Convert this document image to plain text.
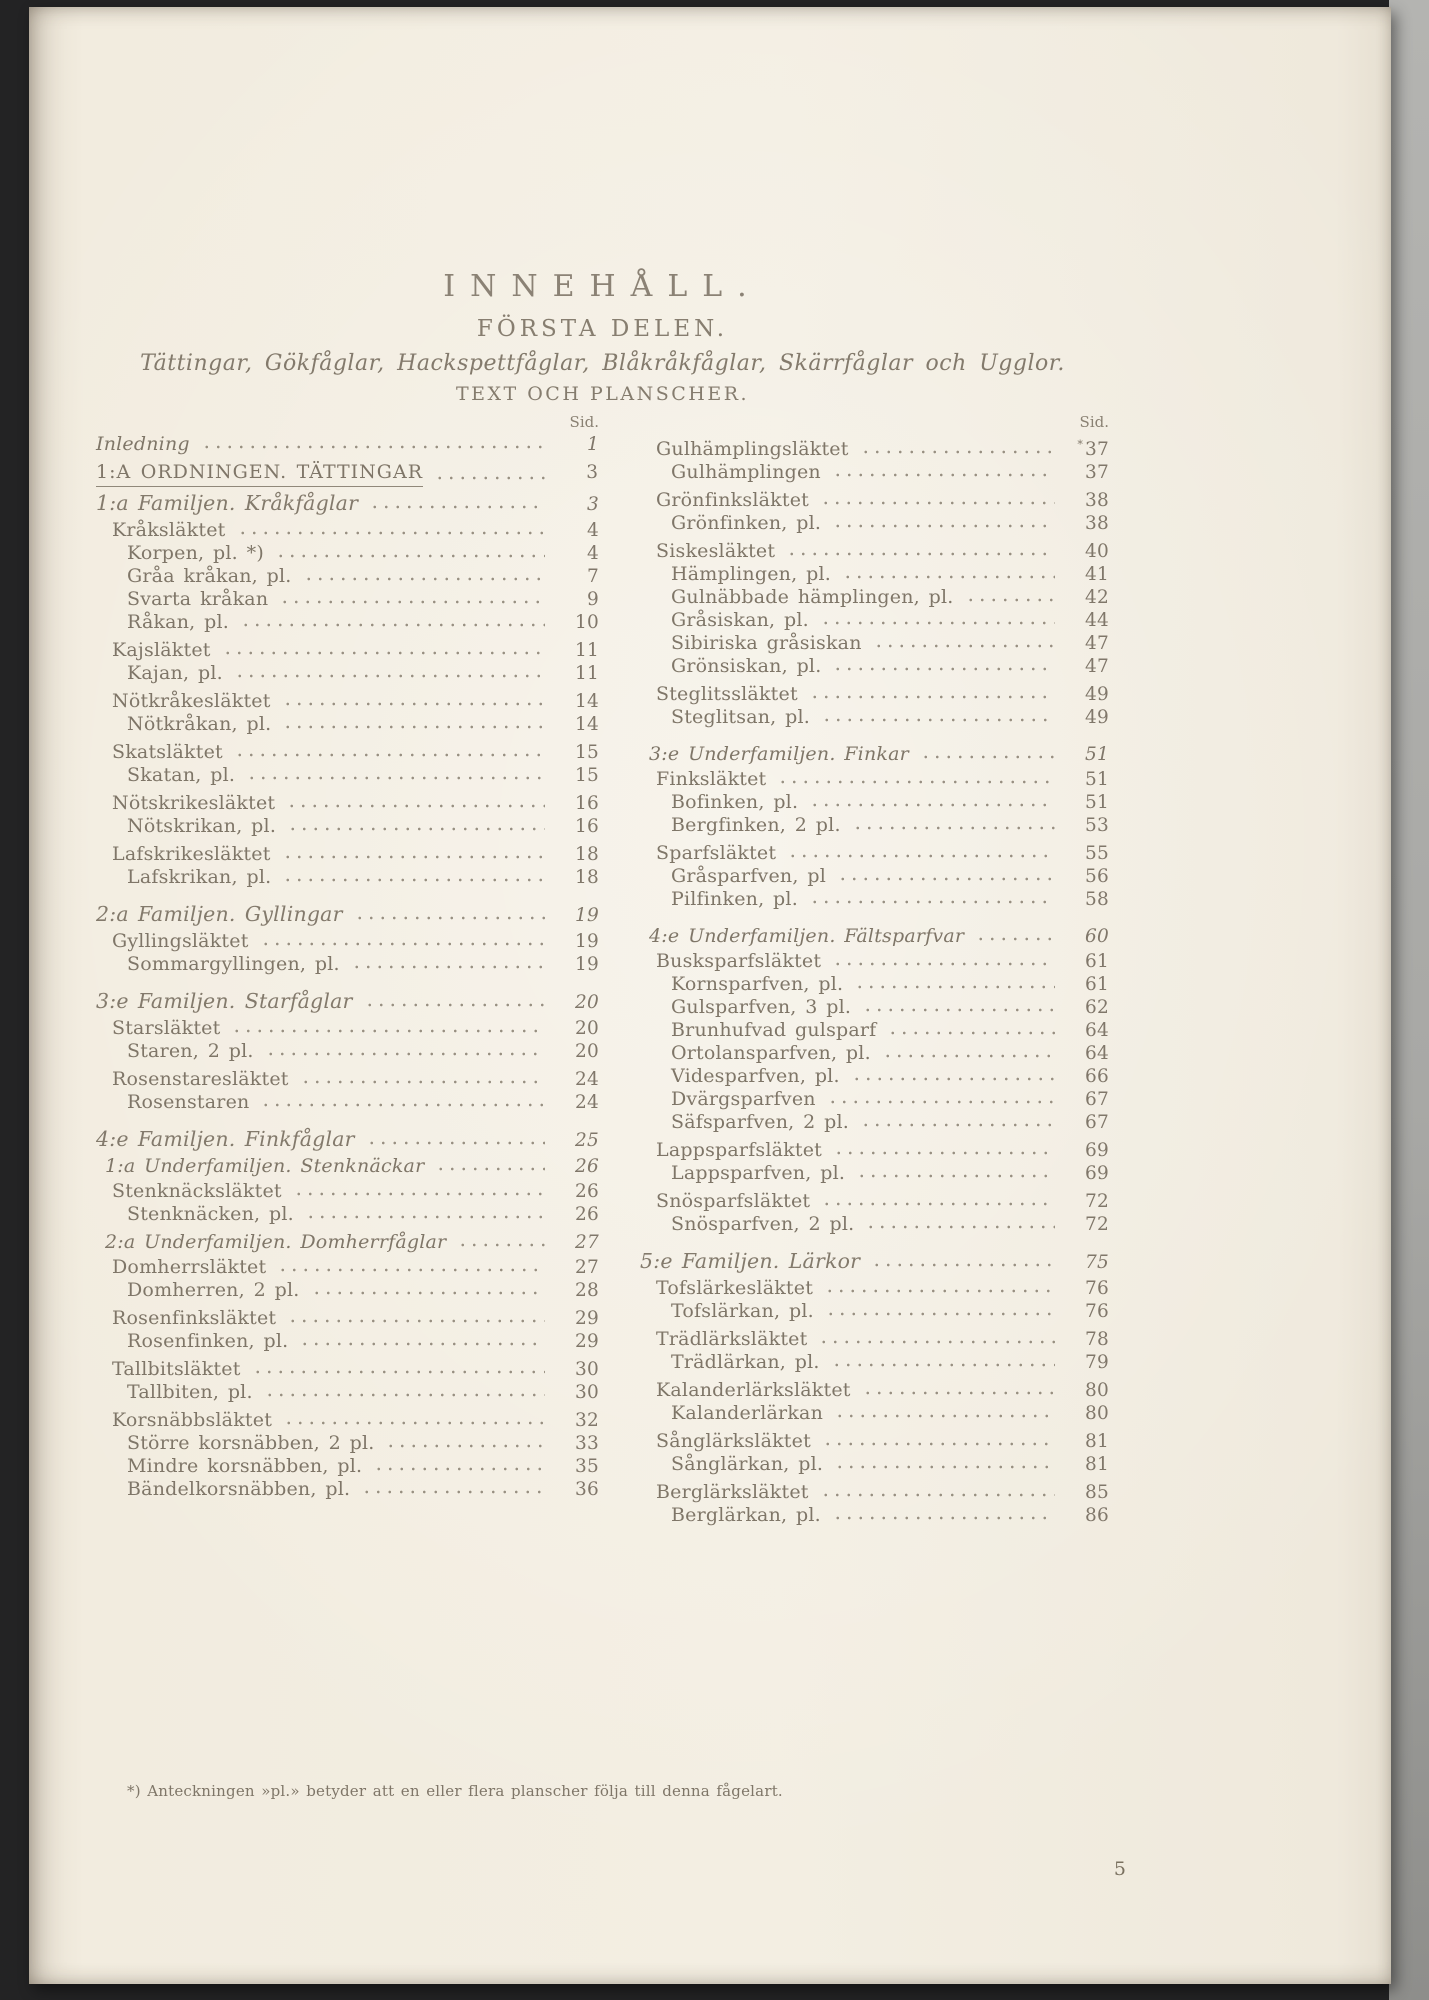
INNEHÅLL.
FÖRSTA DELEN.
Tättingar, Gökfåglar, Hackspettfåglar, Blåkråkfåglar, Skärrfåglar och Ugglor.
TEXT OCH PLANSCHER.
Sid.
Inledning	1
1:A ORDNINGEN. TÄTTINGAR	3
1:a Familjen. Kråkfåglar	3
Kråksläktet	4
Korpen, pl. *)	4
Gråa kråkan, pl.	7
Svarta kråkan	9
Råkan, pl.	10
Kajsläktet	11
Kajan, pl.	11
Nötkråkesläktet	14
Nötkråkan, pl.	14
Skatsläktet	15
Skatan, pl.	15
Nötskrikesläktet	16
Nötskrikan, pl.	16
Lafskrikesläktet	18
Lafskrikan, pl.	18
2:a Familjen. Gyllingar	19
Gyllingsläktet	19
Sommargyllingen, pl.	19
3:e Familjen. Starfåglar	20
Starsläktet	20
Staren, 2 pl.	20
Rosenstaresläktet	24
Rosenstaren	24
4:e Familjen. Finkfåglar	25
1:a Underfamiljen. Stenknäckar	26
Stenknäcksläktet	26
Stenknäcken, pl.	26
2:a Underfamiljen. Domherrfåglar	27
Domherrsläktet	27
Domherren, 2 pl.	28
Rosenfinksläktet	29
Rosenfinken, pl.	29
Tallbitsläktet	30
Tallbiten, pl.	30
Korsnäbbsläktet	32
Större korsnäbben, 2 pl.	33
Mindre korsnäbben, pl.	35
Bändelkorsnäbben, pl.	36
Sid.
Gulhämplingsläktet	* 37
Gulhämplingen	37
Grönfinksläktet	38
Grönfinken, pl.	38
Siskesläktet	40
Hämplingen, pl.	41
Gulnäbbade hämplingen, pl.	42
Gråsiskan, pl.	44
Sibiriska gråsiskan	47
Grönsiskan, pl.	47
Steglitssläktet	49
Steglitsan, pl.	49
3:e Underfamiljen. Finkar	51
Finksläktet	51
Bofinken, pl.	51
Bergfinken, 2 pl.	53
Sparfsläktet	55
Gråsparfven, pl	56
Pilfinken, pl.	58
4:e Underfamiljen. Fältsparfvar	60
Busksparfsläktet	61
Kornsparfven, pl.	61
Gulsparfven, 3 pl.	62
Brunhufvad gulsparf	64
Ortolansparfven, pl.	64
Videsparfven, pl.	66
Dvärgsparfven	67
Säfsparfven, 2 pl.	67
Lappsparfsläktet	69
Lappsparfven, pl.	69
Snösparfsläktet	72
Snösparfven, 2 pl.	72
5:e Familjen. Lärkor	75
Tofslärkesläktet	76
Tofslärkan, pl.	76
Trädlärksläktet	78
Trädlärkan, pl.	79
Kalanderlärksläktet	80
Kalanderlärkan	80
Sånglärksläktet	81
Sånglärkan, pl.	81
Berglärksläktet	85
Berglärkan, pl.	86
*) Anteckningen »pl.» betyder att en eller flera planscher följa till denna fågelart.
5
